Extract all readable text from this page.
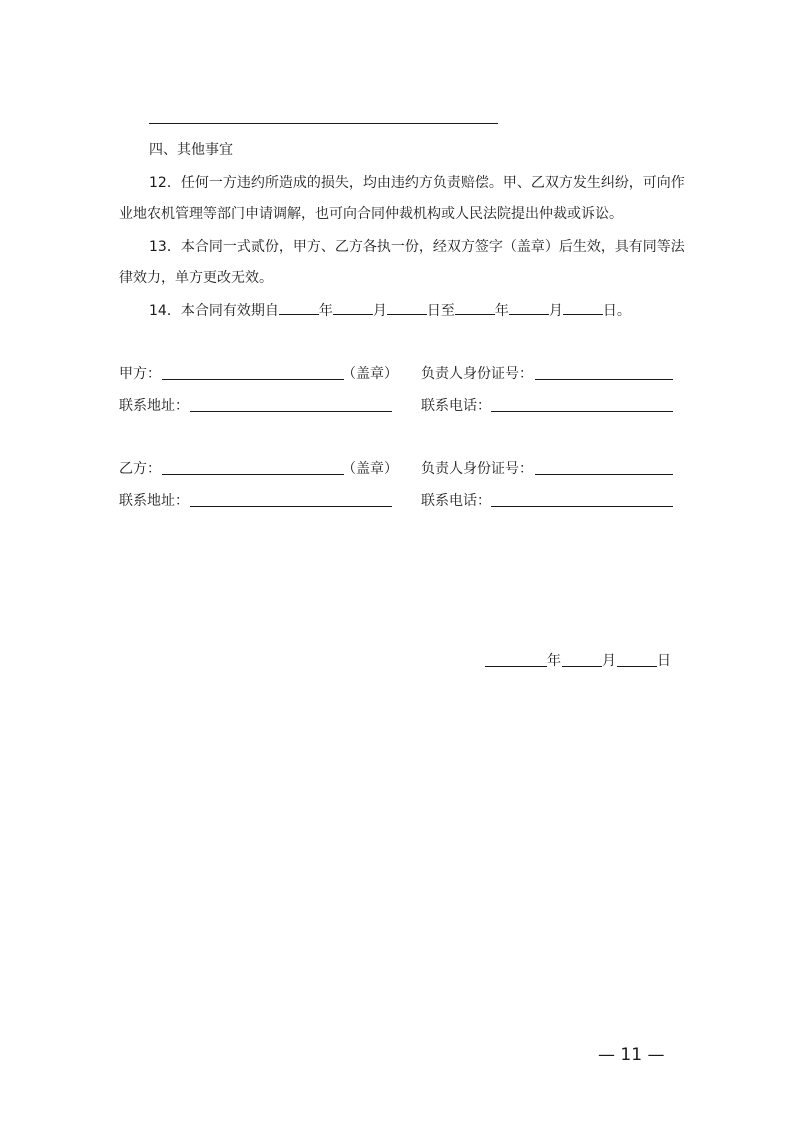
四、其他事宜
12．任何一方违约所造成的损失，均由违约方负责赔偿。甲、乙双方发生纠纷，可向作
业地农机管理等部门申请调解，也可向合同仲裁机构或人民法院提出仲裁或诉讼。
13．本合同一式贰份，甲方、乙方各执一份，经双方签字（盖章）后生效，具有同等法
律效力，单方更改无效。
14．本合同有效期自	年	月	日至	年	月	日。
甲方：	（盖章） 负责人身份证号：
联系地址：	联系电话：
乙方：	（盖章） 负责人身份证号：
联系地址：	联系电话：
年	月	日
— 11 —
